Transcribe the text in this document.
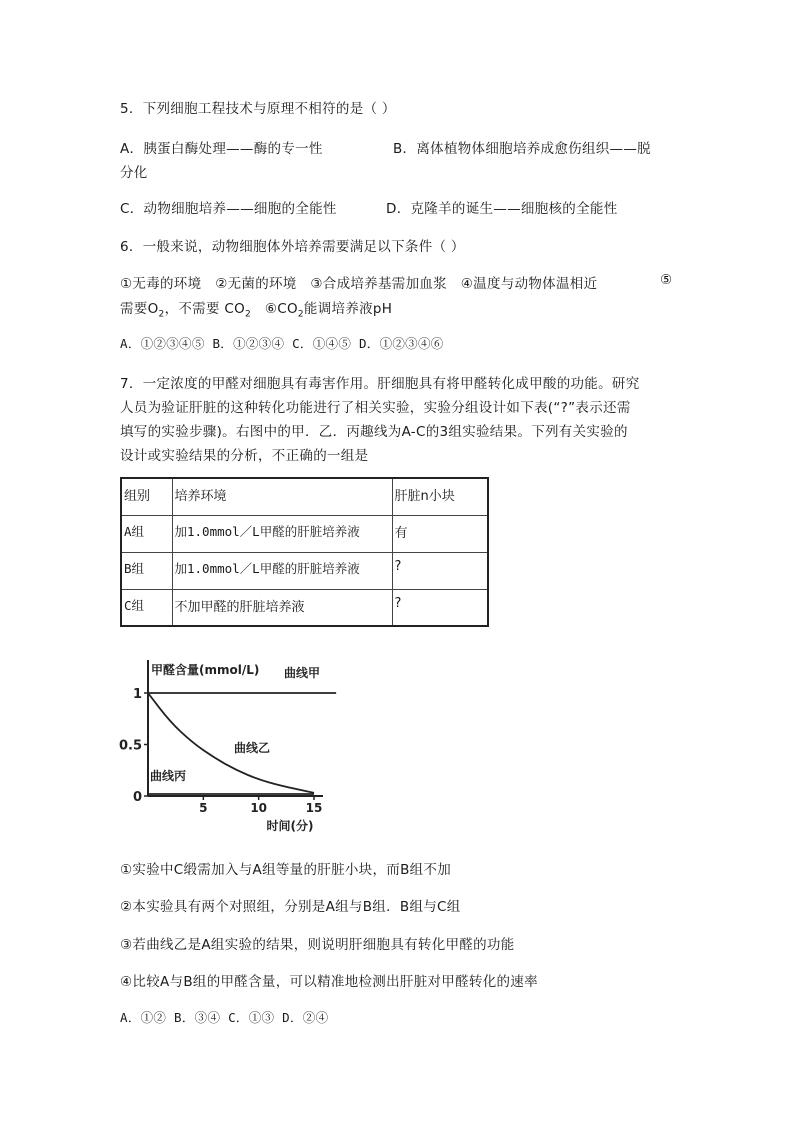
5．下列细胞工程技术与原理不相符的是（ ）
A．胰蛋白酶处理——酶的专一性	B．离体植物体细胞培养成愈伤组织——脱
分化
C．动物细胞培养——细胞的全能性	D．克隆羊的诞生——细胞核的全能性
6．一般来说，动物细胞体外培养需要满足以下条件（ ）
①无毒的环境 ②无菌的环境 ③合成培养基需加血浆 ④温度与动物体温相近	⑤
需要$O_2$，不需要 $CO_2$ $⑥CO_2$能调培养液pH
A．①②③④⑤ B．①②③④ C．①④⑤ D．①②③④⑥
7．一定浓度的甲醛对细胞具有毒害作用。肝细胞具有将甲醛转化成甲酸的功能。研究
人员为验证肝脏的这种转化功能进行了相关实验，实验分组设计如下表(“?”表示还需
填写的实验步骤)。右图中的甲．乙．丙趣线为A-C的3组实验结果。下列有关实验的
设计或实验结果的分析，不正确的一组是
组别	培养环境	肝脏n小块
A组	加1.0mmol／L甲醛的肝脏培养液	有
B组	加1.0mmol／L甲醛的肝脏培养液	?
C组	不加甲醛的肝脏培养液	?
1
0.5
0
5	10	15
甲醛含量(mmol/L)
时间(分)
曲线甲
曲线乙
曲线丙
①实验中C缎需加入与A组等量的肝脏小块，而B组不加
②本实验具有两个对照组，分别是A组与B组．B组与C组
③若曲线乙是A组实验的结果，则说明肝细胞具有转化甲醛的功能
④比较A与B组的甲醛含量，可以精准地检测出肝脏对甲醛转化的速率
A．①② B．③④ C．①③ D．②④
